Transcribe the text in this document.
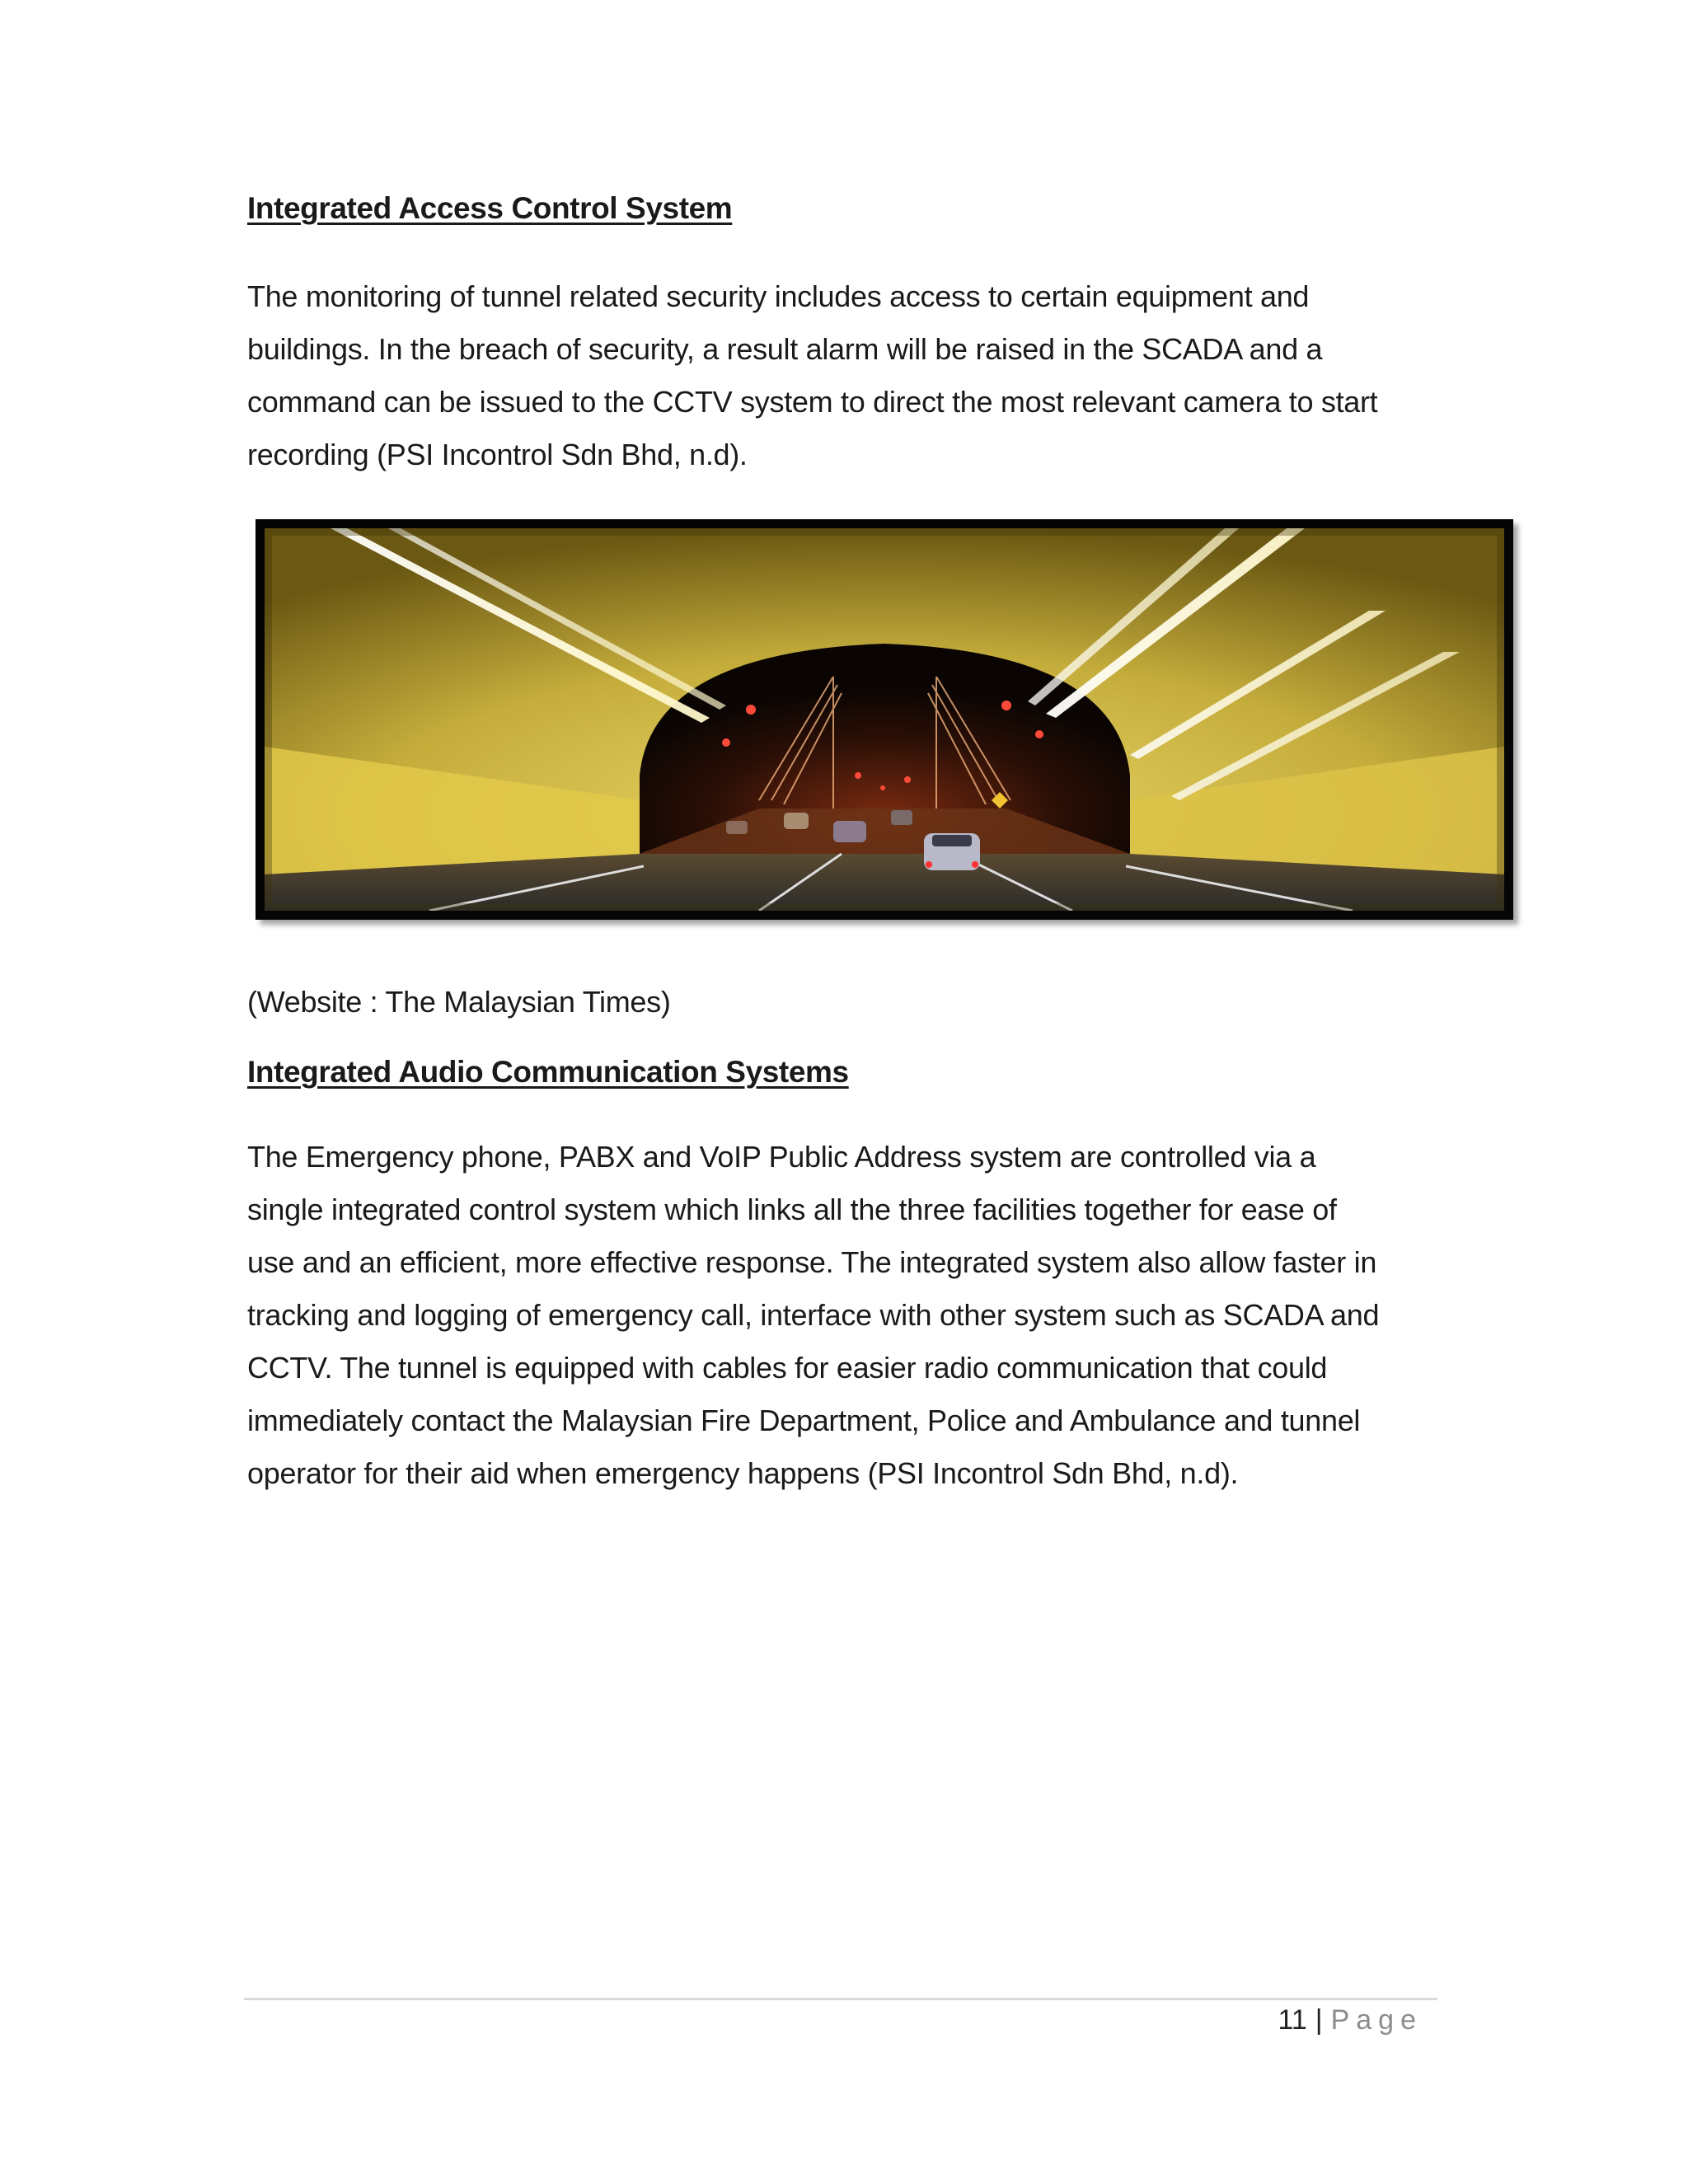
Integrated Access Control System

The monitoring of tunnel related security includes access to certain equipment and
buildings. In the breach of security, a result alarm will be raised in the SCADA and a
command can be issued to the CCTV system to direct the most relevant camera to start
recording (PSI Incontrol Sdn Bhd, n.d).

(Website : The Malaysian Times)

Integrated Audio Communication Systems

The Emergency phone, PABX and VoIP Public Address system are controlled via a
single integrated control system which links all the three facilities together for ease of
use and an efficient, more effective response. The integrated system also allow faster in
tracking and logging of emergency call, interface with other system such as SCADA and
CCTV. The tunnel is equipped with cables for easier radio communication that could
immediately contact the Malaysian Fire Department, Police and Ambulance and tunnel
operator for their aid when emergency happens (PSI Incontrol Sdn Bhd, n.d).

11 | Page
